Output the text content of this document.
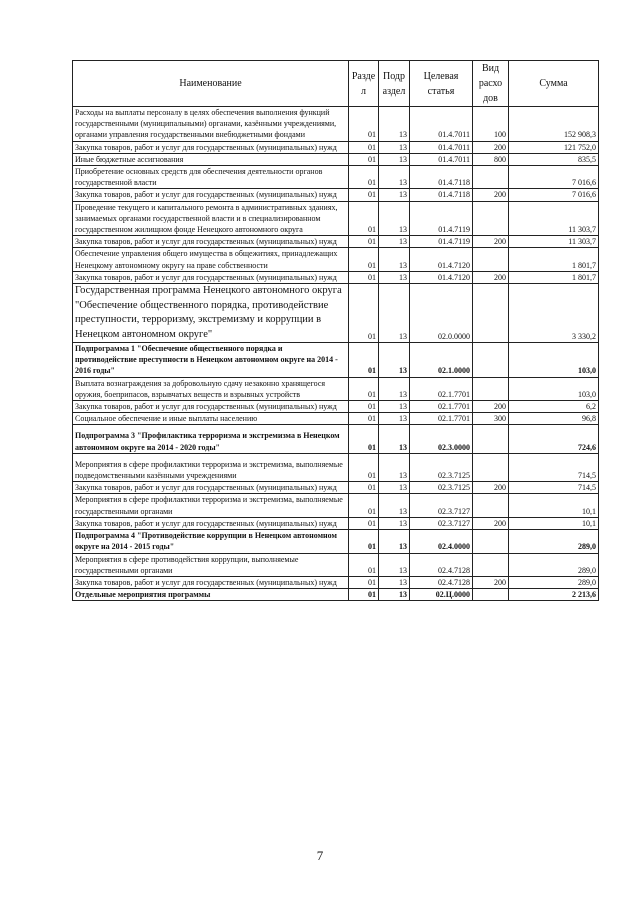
Наименование	Разде л	Подр аздел	Целевая статья	Вид расхо дов	Сумма
Расходы на выплаты персоналу в целях обеспечения выполнения функций государственными (муниципальными) органами, казёнными учреждениями, органами управления государственными внебюджетными фондами	01	13	01.4.7011	100	152 908,3
Закупка товаров, работ и услуг для государственных (муниципальных) нужд	01	13	01.4.7011	200	121 752,0
Иные бюджетные ассигнования	01	13	01.4.7011	800	835,5
Приобретение основных средств для обеспечения деятельности органов государственной власти	01	13	01.4.7118		7 016,6
Закупка товаров, работ и услуг для государственных (муниципальных) нужд	01	13	01.4.7118	200	7 016,6
Проведение текущего и капитального ремонта в административных зданиях, занимаемых органами государственной власти и в специализированном государственном жилищном фонде Ненецкого автономного округа	01	13	01.4.7119		11 303,7
Закупка товаров, работ и услуг для государственных (муниципальных) нужд	01	13	01.4.7119	200	11 303,7
Обеспечение управления общего имущества в общежитиях, принадлежащих Ненецкому автономному округу на праве собственности	01	13	01.4.7120		1 801,7
Закупка товаров, работ и услуг для государственных (муниципальных) нужд	01	13	01.4.7120	200	1 801,7
Государственная программа Ненецкого автономного округа "Обеспечение общественного порядка, противодействие преступности, терроризму, экстремизму и коррупции в Ненецком автономном округе"	01	13	02.0.0000		3 330,2
Подпрограмма 1 "Обеспечение общественного порядка и противодействие преступности в Ненецком автономном округе на 2014 - 2016 годы"	01	13	02.1.0000		103,0
Выплата вознаграждения за добровольную сдачу незаконно хранящегося оружия, боеприпасов, взрывчатых веществ и взрывных устройств	01	13	02.1.7701		103,0
Закупка товаров, работ и услуг для государственных (муниципальных) нужд	01	13	02.1.7701	200	6,2
Социальное обеспечение и иные выплаты населению	01	13	02.1.7701	300	96,8
Подпрограмма 3 "Профилактика терроризма и экстремизма в Ненецком автономном округе на 2014 - 2020 годы"	01	13	02.3.0000		724,6
Мероприятия в сфере профилактики терроризма и экстремизма, выполняемые подведомственными казёнными учреждениями	01	13	02.3.7125		714,5
Закупка товаров, работ и услуг для государственных (муниципальных) нужд	01	13	02.3.7125	200	714,5
Мероприятия в сфере профилактики терроризма и экстремизма, выполняемые государственными органами	01	13	02.3.7127		10,1
Закупка товаров, работ и услуг для государственных (муниципальных) нужд	01	13	02.3.7127	200	10,1
Подпрограмма 4 "Противодействие коррупции в Ненецком автономном округе на 2014 - 2015 годы"	01	13	02.4.0000		289,0
Мероприятия в сфере противодействия коррупции, выполняемые государственными органами	01	13	02.4.7128		289,0
Закупка товаров, работ и услуг для государственных (муниципальных) нужд	01	13	02.4.7128	200	289,0
Отдельные мероприятия программы	01	13	02.Ц.0000		2 213,6
7
